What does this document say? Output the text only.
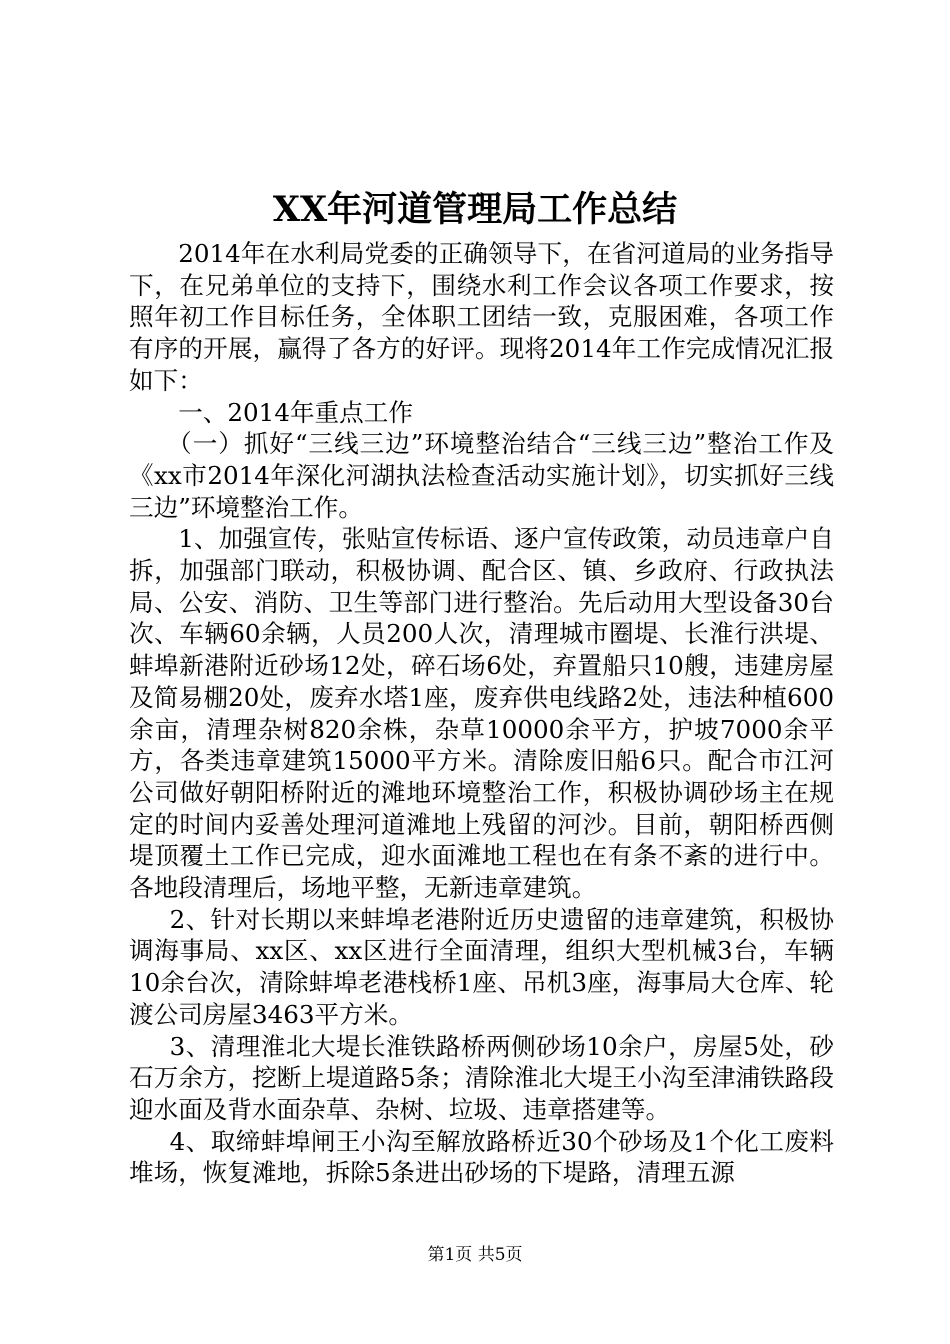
XX年河道管理局工作总结

2014年在水利局党委的正确领导下，在省河道局的业务指导下，在兄弟单位的支持下，围绕水利工作会议各项工作要求，按照年初工作目标任务，全体职工团结一致，克服困难，各项工作有序的开展，赢得了各方的好评。现将2014年工作完成情况汇报如下：

一、2014年重点工作

（一）抓好“三线三边”环境整治结合“三线三边”整治工作及《xx市2014年深化河湖执法检查活动实施计划》，切实抓好三线三边”环境整治工作。

1、加强宣传，张贴宣传标语、逐户宣传政策，动员违章户自拆，加强部门联动，积极协调、配合区、镇、乡政府、行政执法局、公安、消防、卫生等部门进行整治。先后动用大型设备30台次、车辆60余辆，人员200人次，清理城市圈堤、长淮行洪堤、蚌埠新港附近砂场12处，碎石场6处，弃置船只10艘，违建房屋及简易棚20处，废弃水塔1座，废弃供电线路2处，违法种植600余亩，清理杂树820余株，杂草10000余平方，护坡7000余平方，各类违章建筑15000平方米。清除废旧船6只。配合市江河公司做好朝阳桥附近的滩地环境整治工作，积极协调砂场主在规定的时间内妥善处理河道滩地上残留的河沙。目前，朝阳桥西侧堤顶覆土工作已完成，迎水面滩地工程也在有条不紊的进行中。各地段清理后，场地平整，无新违章建筑。

2、针对长期以来蚌埠老港附近历史遗留的违章建筑，积极协调海事局、xx区、xx区进行全面清理，组织大型机械3台，车辆10余台次，清除蚌埠老港栈桥1座、吊机3座，海事局大仓库、轮渡公司房屋3463平方米。

3、清理淮北大堤长淮铁路桥两侧砂场10余户，房屋5处，砂石万余方，挖断上堤道路5条；清除淮北大堤王小沟至津浦铁路段迎水面及背水面杂草、杂树、垃圾、违章搭建等。

4、取缔蚌埠闸王小沟至解放路桥近30个砂场及1个化工废料堆场，恢复滩地，拆除5条进出砂场的下堤路，清理五源

第1页 共5页
